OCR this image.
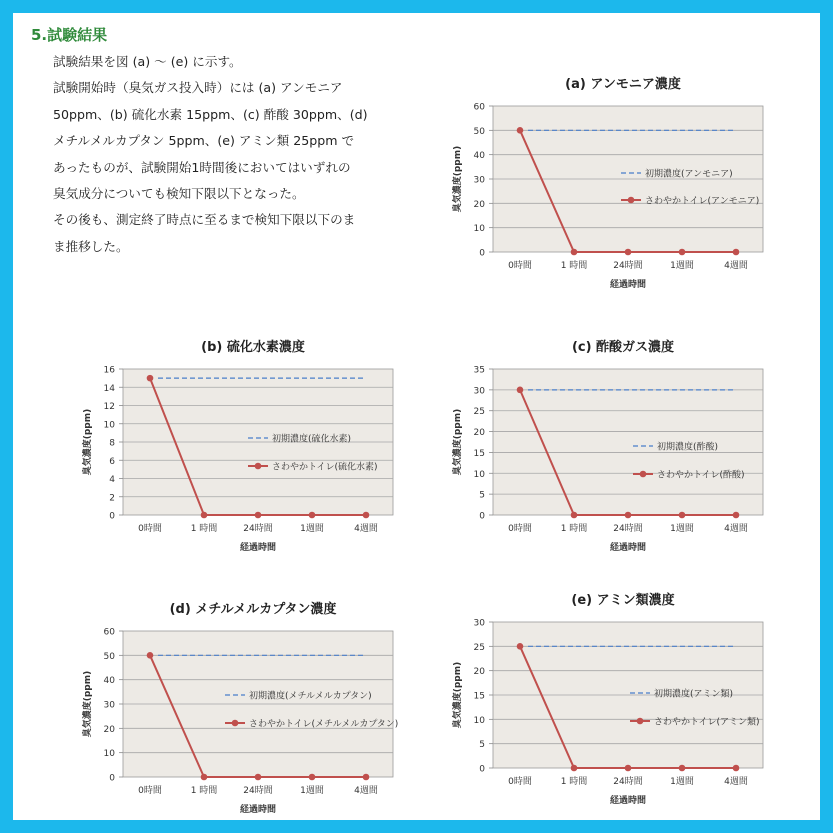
5.試験結果
試験結果を図 (a) ～ (e) に示す。
試験開始時（臭気ガス投入時）には (a) アンモニア
50ppm、(b) 硫化水素 15ppm、(c) 酢酸 30ppm、(d)
メチルメルカプタン 5ppm、(e) アミン類 25ppm で
あったものが、試験開始1時間後においてはいずれの
臭気成分についても検知下限以下となった。
その後も、測定終了時点に至るまで検知下限以下のま
ま推移した。
(a) アンモニア濃度
0
10
20
30
40
50
60
0時間	1 時間	24時間	1週間	4週間
経過時間
臭気濃度(ppm)	初期濃度(アンモニア)
さわやかトイレ(アンモニア)
(b) 硫化水素濃度
0
2
4
6
8
10
12
14
16
0時間	1 時間	24時間	1週間	4週間
経過時間
臭気濃度(ppm)	初期濃度(硫化水素)
さわやかトイレ(硫化水素)
(c) 酢酸ガス濃度
0
5
10
15
20
25
30
35
0時間	1 時間	24時間	1週間	4週間
経過時間
臭気濃度(ppm)	初期濃度(酢酸)
さわやかトイレ(酢酸)
(d) メチルメルカプタン濃度
0
10
20
30
40
50
60
0時間	1 時間	24時間	1週間	4週間
経過時間
臭気濃度(ppm)	初期濃度(メチルメルカプタン)
さわやかトイレ(メチルメルカプタン)
(e) アミン類濃度
0
5
10
15
20
25
30
0時間	1 時間	24時間	1週間	4週間
経過時間
臭気濃度(ppm)	初期濃度(アミン類)
さわやかトイレ(アミン類)
